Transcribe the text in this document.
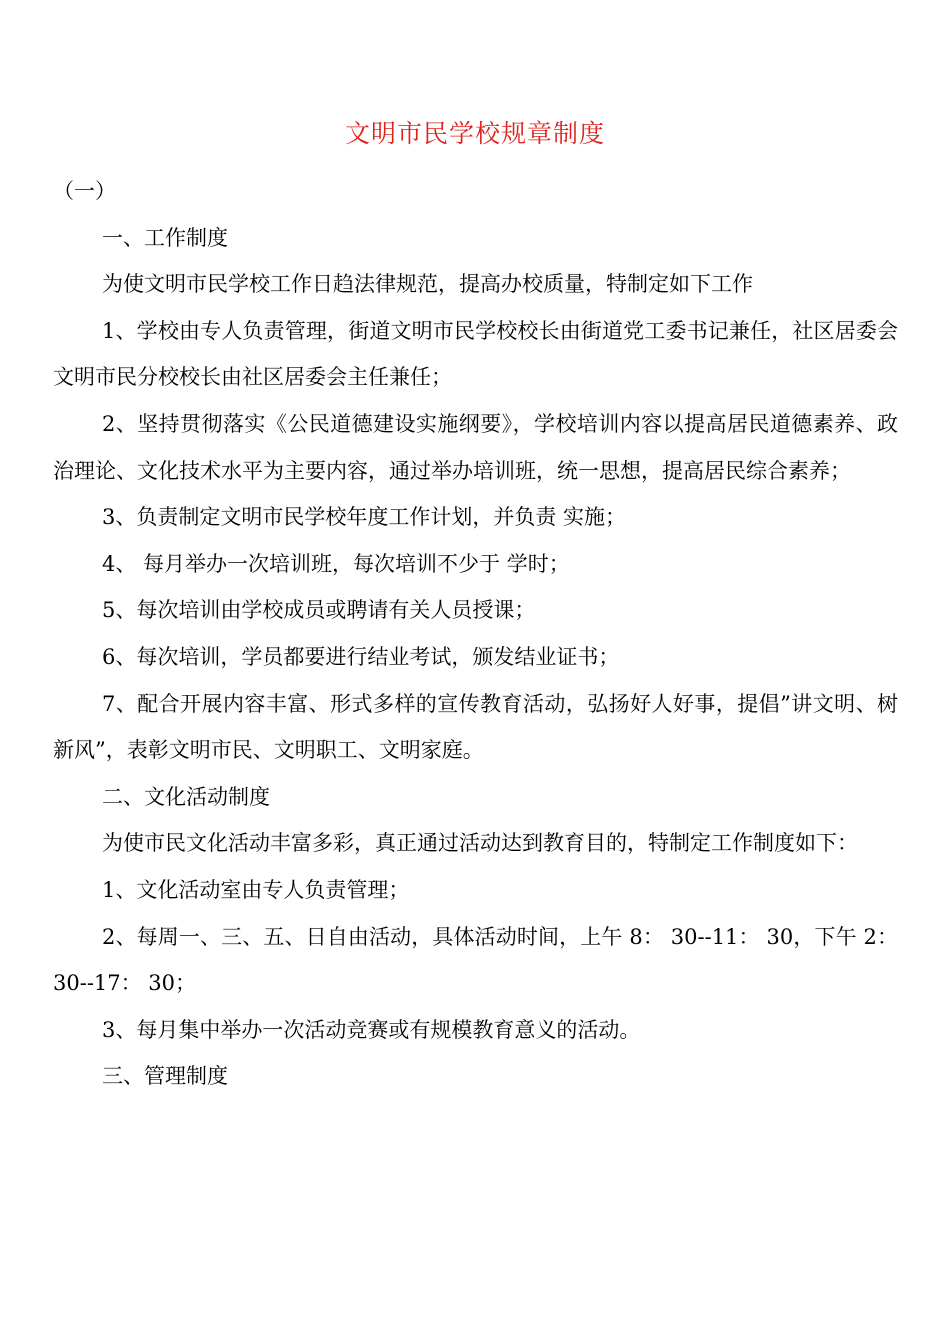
文明市民学校规章制度

（一）

一、工作制度

为使文明市民学校工作日趋法律规范，提高办校质量，特制定如下工作

1、学校由专人负责管理，街道文明市民学校校长由街道党工委书记兼任，社区居委会文明市民分校校长由社区居委会主任兼任；

2、坚持贯彻落实《公民道德建设实施纲要》，学校培训内容以提高居民道德素养、政治理论、文化技术水平为主要内容，通过举办培训班，统一思想，提高居民综合素养；

3、负责制定文明市民学校年度工作计划，并负责 实施；

4、 每月举办一次培训班，每次培训不少于 学时；

5、每次培训由学校成员或聘请有关人员授课；

6、每次培训，学员都要进行结业考试，颁发结业证书；

7、配合开展内容丰富、形式多样的宣传教育活动，弘扬好人好事，提倡”讲文明、树新风”，表彰文明市民、文明职工、文明家庭。

二、文化活动制度

为使市民文化活动丰富多彩，真正通过活动达到教育目的，特制定工作制度如下：

1、文化活动室由专人负责管理；

2、每周一、三、五、日自由活动，具体活动时间，上午 8： 30--11： 30，下午 2： 30--17： 30；

3、每月集中举办一次活动竞赛或有规模教育意义的活动。

三、管理制度
